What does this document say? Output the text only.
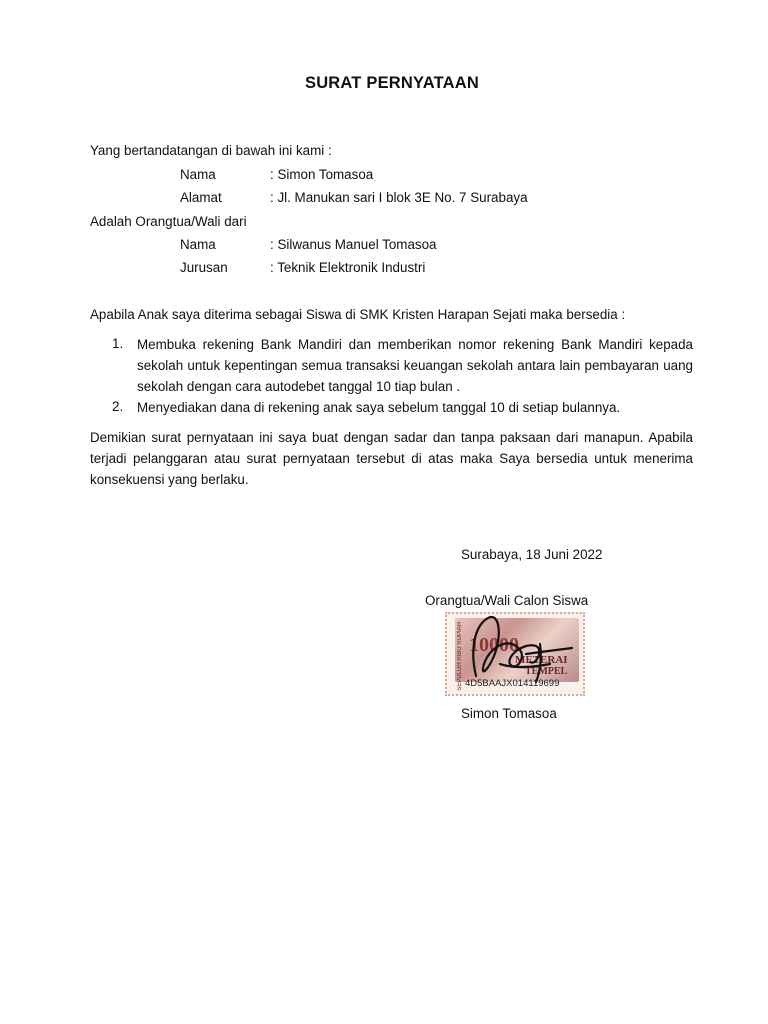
SURAT PERNYATAAN
Yang bertandatangan di bawah ini kami :
Nama	: Simon Tomasoa
Alamat	: Jl. Manukan sari I blok 3E No. 7 Surabaya
Adalah Orangtua/Wali dari
Nama	: Silwanus Manuel Tomasoa
Jurusan	: Teknik Elektronik Industri
Apabila Anak saya diterima sebagai Siswa di SMK Kristen Harapan Sejati maka bersedia :
1. Membuka rekening Bank Mandiri dan memberikan nomor rekening Bank Mandiri kepada sekolah untuk kepentingan semua transaksi keuangan sekolah antara lain pembayaran uang sekolah dengan cara autodebet tanggal 10 tiap bulan .
2. Menyediakan dana di rekening anak saya sebelum tanggal 10 di setiap bulannya.
Demikian surat pernyataan ini saya buat dengan sadar dan tanpa paksaan dari manapun. Apabila terjadi pelanggaran atau surat pernyataan tersebut di atas maka Saya bersedia untuk menerima konsekuensi yang berlaku.
Surabaya, 18 Juni 2022
Orangtua/Wali Calon Siswa
SEPULUH RIBU RUPIAH 10000
METERAI
TEMPEL
4D5BAAJX014119699
Simon Tomasoa
